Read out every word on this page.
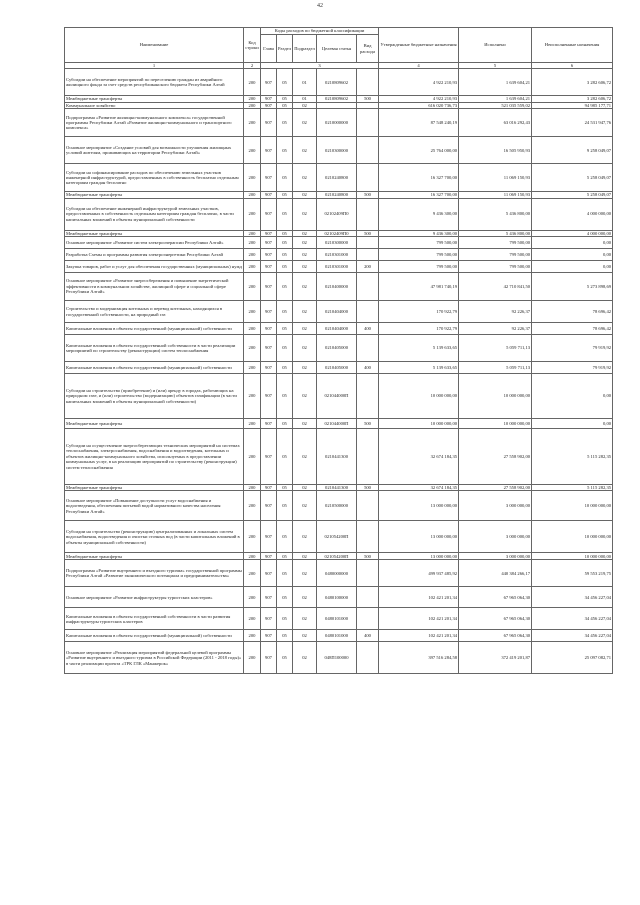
42
Наименование	Код строки	Коды расходов по бюджетной классификации					Утвержденные бюджетные назначения	Исполнено	Неисполненные назначения
		Глава	Раздел	Подраздел	Целевая статья	Вид расхода			
1	2	3					4	5	6
Субсидии на обеспечение мероприятий по переселению граждан из аварийного жилищного фонда за счет средств республиканского бюджета Республики Алтай	200	907	05	01	0210809602		4 922 210,93	1 639 604,21	3 282 606,72
Межбюджетные трансферты	200	907	05	01	0210809602	500	4 922 210,93	1 639 604,21	3 282 606,72
Коммунальное хозяйство	200	907	05	02			616 020 736,73	521 035 559,02	94 985 177,71
Подпрограмма «Развитие жилищно-коммунального комплекса» государственной программы Республики Алтай «Развитие жилищно-коммунального и транспортного комплекса»	200	907	05	02	0210000000		87 548 240,19	63 016 292,43	24 531 947,76
Основное мероприятие «Создание условий для возможности улучшения жилищных условий жителям, проживающих на территории Республики Алтай»	200	907	05	02	0210300000		25 764 000,00	16 505 950,93	9 258 049,07
Субсидии на софинансирование расходов по обеспечению земельных участков инженерной инфраструктурой, предоставленных в собственность бесплатно отдельным категориям граждан бесплатно	200	907	05	02	0210240800		16 327 700,00	11 069 150,93	5 258 049,07
Межбюджетные трансферты	200	907	05	02	0210240800	500	16 327 700,00	11 069 150,93	5 258 049,07
Субсидии на обеспечение инженерной инфраструктурой земельных участков, предоставленных в собственность отдельным категориям граждан бесплатно, в части капитальных вложений в объекты муниципальной собственности	200	907	05	02	02102409П0		9 436 300,00	5 436 800,00	4 000 000,00
Межбюджетные трансферты	200	907	05	02	02102409П0	500	9 436 300,00	5 436 800,00	4 000 000,00
Основное мероприятие «Развитие систем электроочерапсии Республики Алтай»	200	907	05	02	0210300000		799 500,00	799 500,00	0,00
Разработка Схемы и программы развития электроэнергетики Республики Алтай	200	907	05	02	0210301000		799 500,00	799 500,00	0,00
Закупка товаров, работ и услуг для обеспечения государственных (муниципальных) нужд	200	907	05	02	0210301000	200	799 500,00	799 500,00	0,00
Основное мероприятие «Развитие энергосбережения и повышение энергетической эффективности в коммунальном хозяйстве, жилищной сфере и социальной сфере Республики Алтай»	200	907	05	02	0210400000		47 981 740,19	42 710 841,50	5 273 898,69
Строительство и модернизация котельных и перевод котельных, находящихся в государственной собственности, на природный газ	200	907	05	02	0210404000		170 922,79	92 226,37	78 696,42
Капитальные вложения в объекты государственной (муниципальной) собственности	200	907	05	02	0210404000	400	170 922,79	92 226,37	78 696,42
Капитальные вложения в объекты государственной собственности в части реализации мероприятий по строительству (реконструкции) систем теплоснабжения	200	907	05	02	0210405000		5 139 633,65	5 059 711,13	79 919,92
Капитальные вложения в объекты государственной (муниципальной) собственности	200	907	05	02	0210405000	400	5 139 633,65	5 059 711,13	79 919,92
Субсидии на строительство (приобретение) и (или) аренду в городах, работающих на природном газе, и (или) строительство (модернизацию) объектов газификации (в части капитальных вложений в объекты муниципальной собственности)	200	907	05	02	021044000П		10 000 000,00	10 000 000,00	0,00
Межбюджетные трансферты	200	907	05	02	021044000П	500	10 000 000,00	10 000 000,00	0,00
Субсидии на осуществление энергосберегающих технических мероприятий на системах теплоснабжения, электроснабжения, водоснабжения и водоотведения, котельных и объектов жилищно-коммунального хозяйства, используемых в предоставлении коммунальных услуг, в на реализацию мероприятий по строительству (реконструкции) систем теплоснабжения	200	907	05	02	0210441300		32 674 184,35	27 558 902,00	5 115 282,35
Межбюджетные трансферты	200	907	05	02	0210441300	500	32 674 184,35	27 558 902,00	5 115 282,35
Основное мероприятие «Повышение доступности услуг водоснабжения и водоотведения, обеспечения питьевой водой нормативного качества населения Республики Алтай»	200	907	05	02	0210500000		13 000 000,00	3 000 000,00	10 000 000,00
Субсидии на строительство (реконструкцию) централизованных и локальных систем водоснабжения, водоотведения и очистки сточных вод (в части капитальных вложений в объекты муниципальной собственности)	200	907	05	02	021054200П		13 000 000,00	3 000 000,00	10 000 000,00
Межбюджетные трансферты	200	907	05	02	021054200П	500	13 000 000,00	3 000 000,00	10 000 000,00
Подпрограмма «Развитие внутреннего и въездного туризма» государственной программы Республики Алтай «Развитие экономического потенциала и предпринимательства»	200	907	05	02	0480000000		499 937 485,92	440 384 266,17	59 553 219,75
Основное мероприятие «Развитие инфраструктуры туристских кластеров»	200	907	05	02	0480100000		102 421 201,34	67 965 064,30	34 456 227,04
Капитальные вложения в объекты государственной собственности в части развития инфраструктуры туристских кластеров	200	907	05	02	0480101000		102 421 201,34	67 965 064,30	34 456 227,04
Капитальные вложения в объекты государственной (муниципальной) собственности	200	907	05	02	0480101000	400	102 421 201,34	67 965 064,30	34 456 227,04
Основное мероприятие «Реализация мероприятий федеральной целевой программы «Развитие внутреннего и въездного туризма в Российской Федерации (2011 - 2018 годы)» в части реализации проекта «ТРК ГЛК «Манжерок»	200	907	05	02	048П100000		397 516 284,58	372 419 201,87	25 097 082,71
